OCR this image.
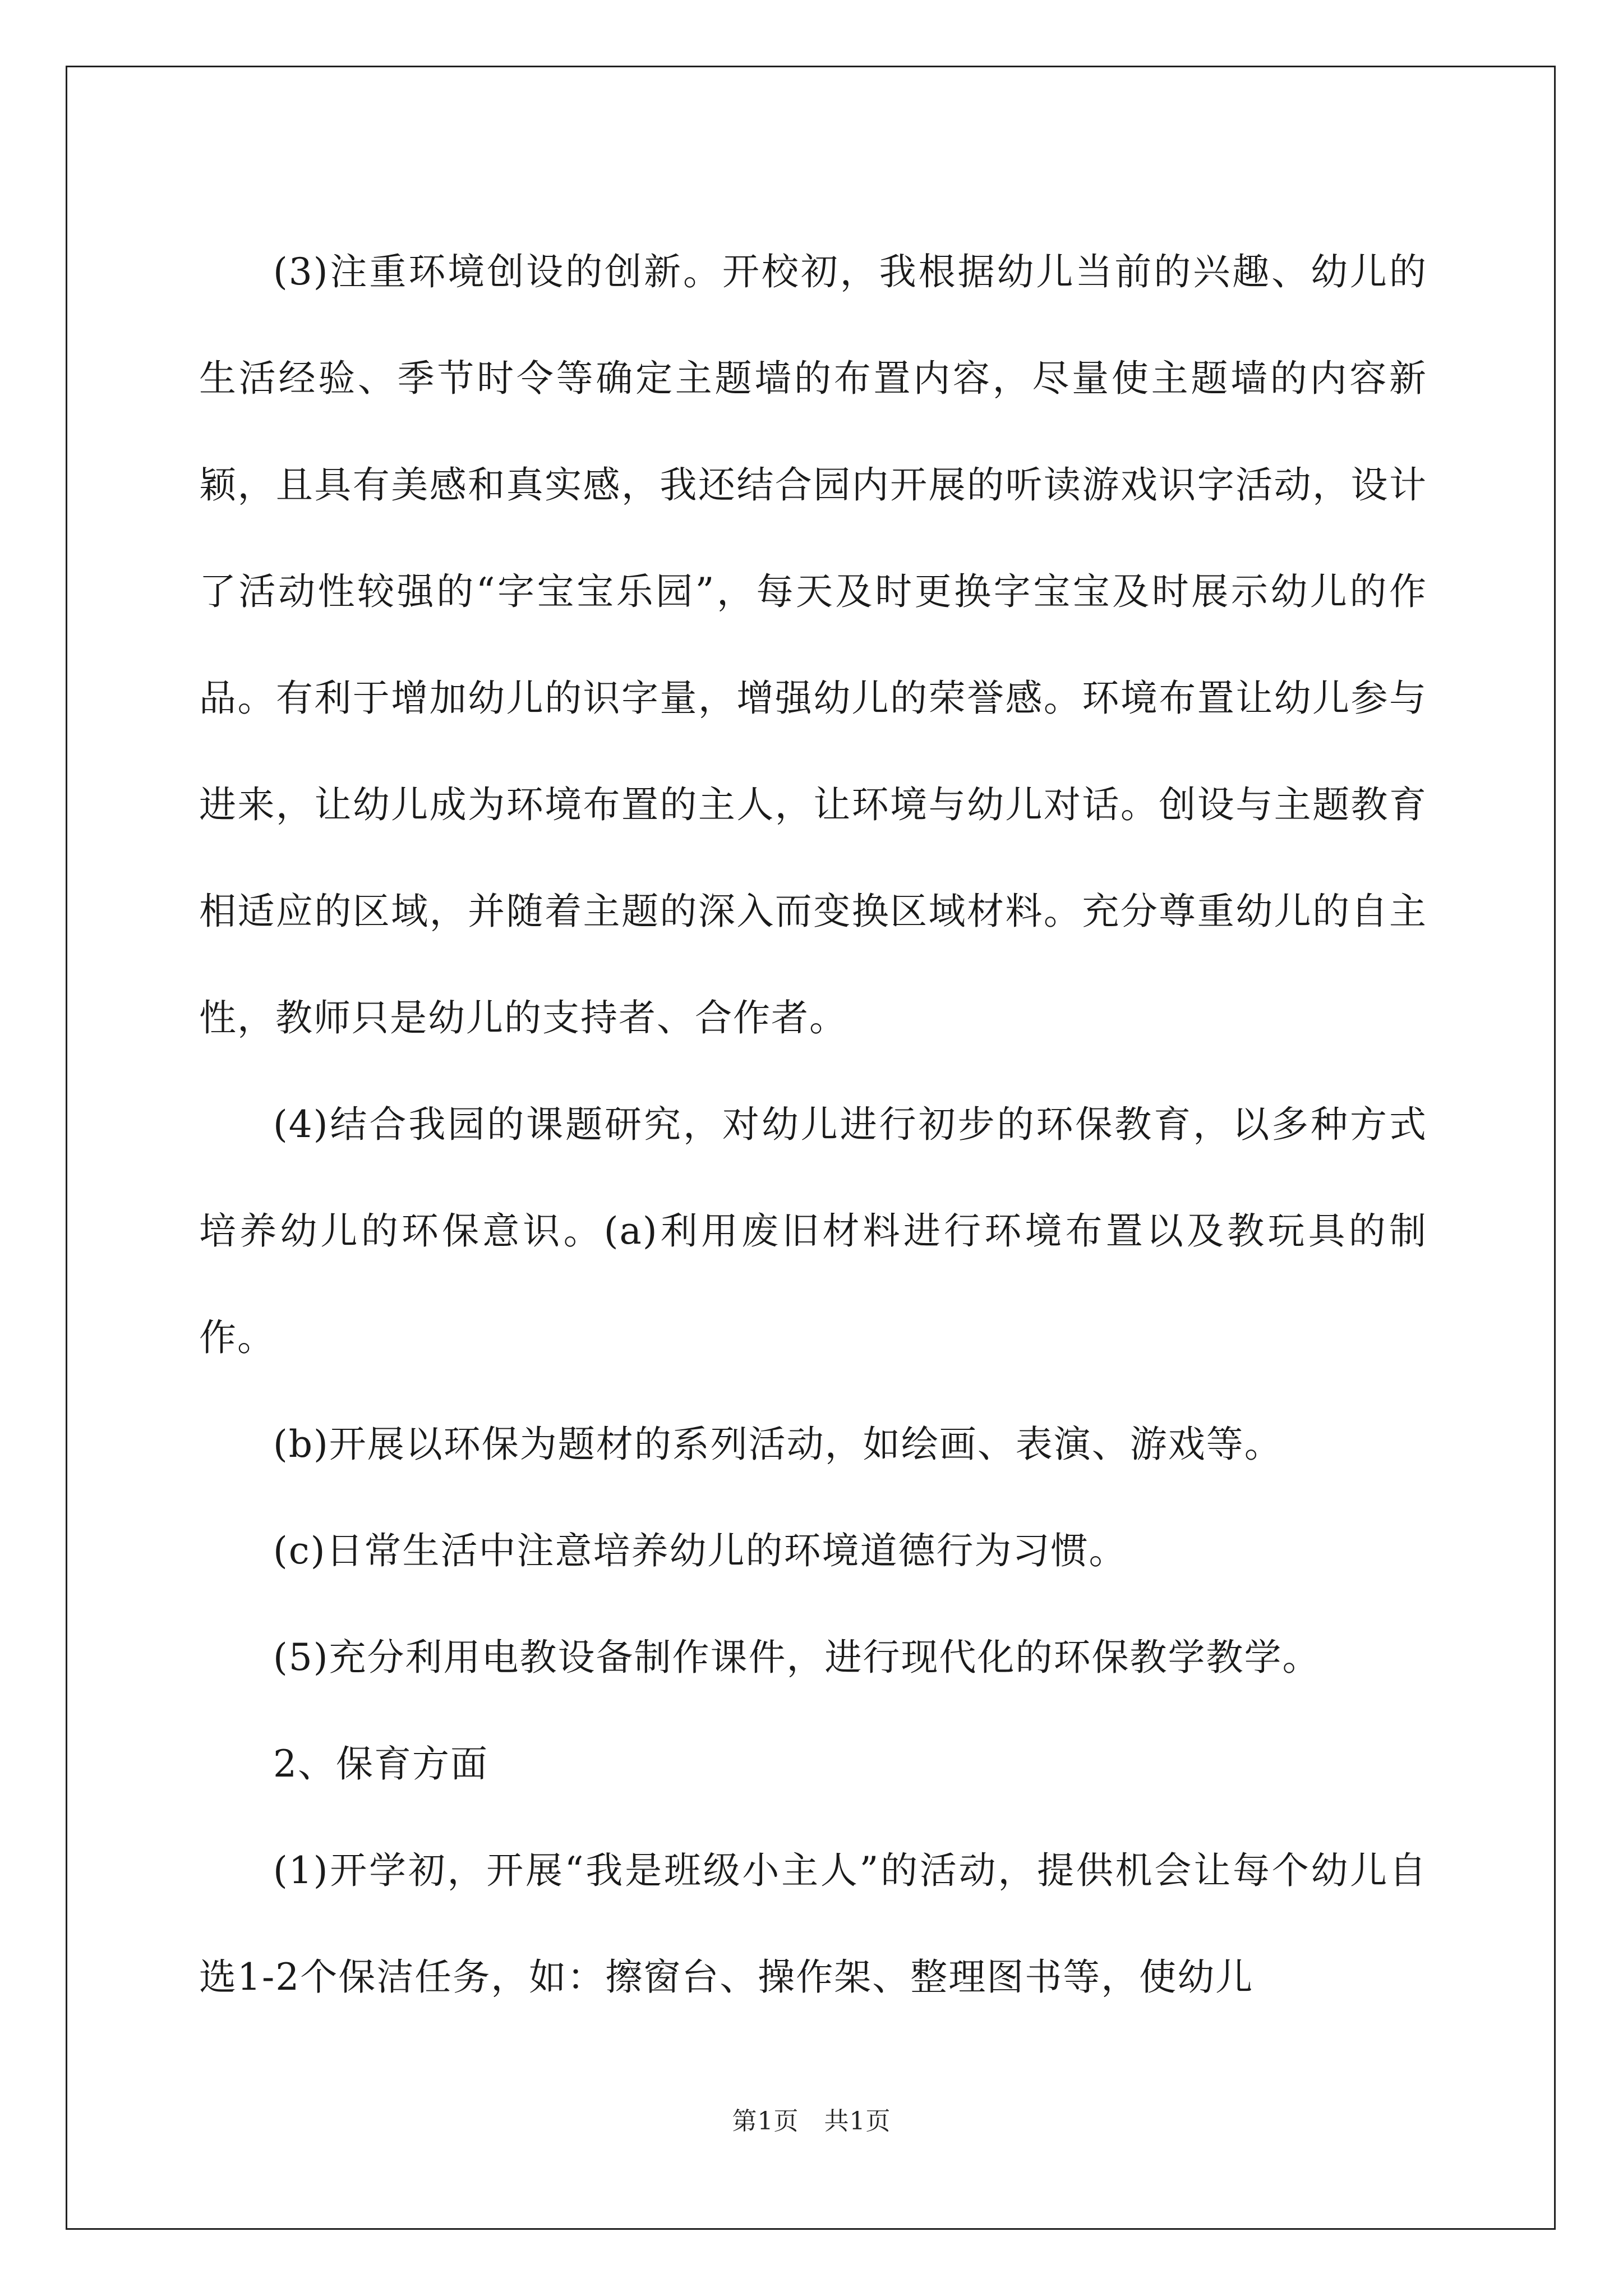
(3)注重环境创设的创新。开校初，我根据幼儿当前的兴趣、幼儿的生活经验、季节时令等确定主题墙的布置内容，尽量使主题墙的内容新颖，且具有美感和真实感，我还结合园内开展的听读游戏识字活动，设计了活动性较强的“字宝宝乐园”，每天及时更换字宝宝及时展示幼儿的作品。有利于增加幼儿的识字量，增强幼儿的荣誉感。环境布置让幼儿参与进来，让幼儿成为环境布置的主人，让环境与幼儿对话。创设与主题教育相适应的区域，并随着主题的深入而变换区域材料。充分尊重幼儿的自主性，教师只是幼儿的支持者、合作者。

(4)结合我园的课题研究，对幼儿进行初步的环保教育，以多种方式培养幼儿的环保意识。(a)利用废旧材料进行环境布置以及教玩具的制作。

(b)开展以环保为题材的系列活动，如绘画、表演、游戏等。

(c)日常生活中注意培养幼儿的环境道德行为习惯。

(5)充分利用电教设备制作课件，进行现代化的环保教学教学。

2、保育方面

(1)开学初，开展“我是班级小主人”的活动，提供机会让每个幼儿自选1-2个保洁任务，如：擦窗台、操作架、整理图书等，使幼儿

第1页　共1页
